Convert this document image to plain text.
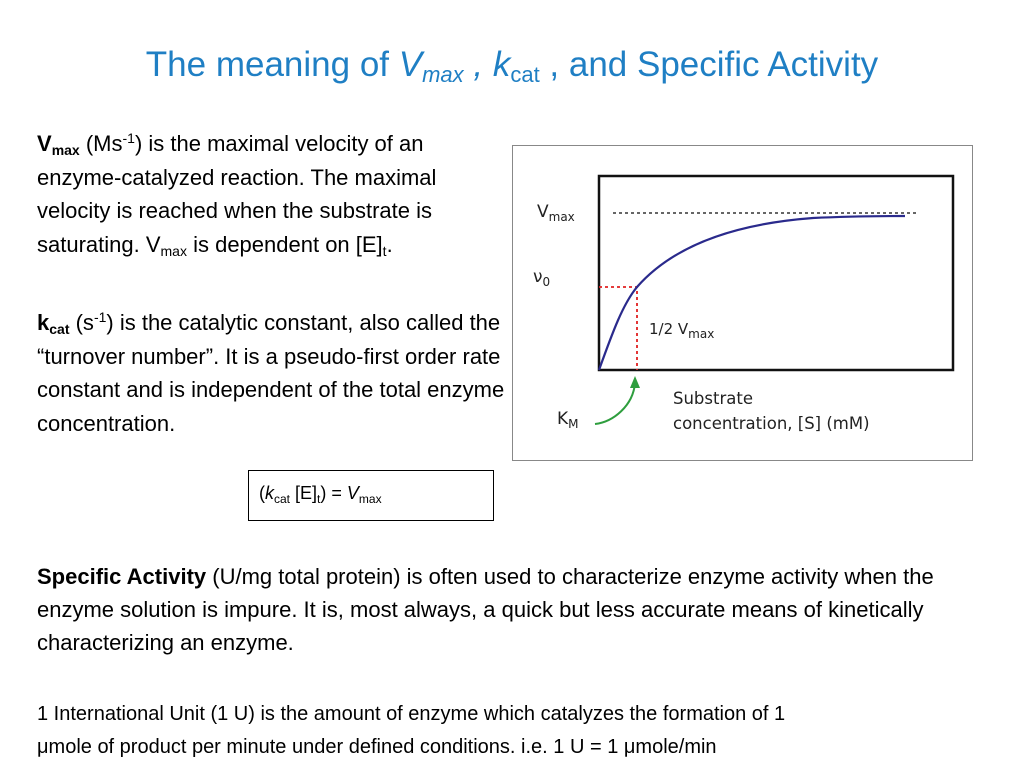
The meaning of $V_{max}$ , $k_{cat}$ , and Specific Activity
$V_{max}$ $(Ms^{-1})$ is the maximal velocity of an enzyme-catalyzed reaction. The maximal velocity is reached when the substrate is saturating. $V_{max}$ is dependent on $[E]_t$.
$k_{cat}$ $(s^{-1})$ is the catalytic constant, also called the “turnover number”. It is a pseudo-first order rate constant and is independent of the total enzyme concentration.
($k_{cat}$ $[E]_t) = V_{max}$
$V_{max}$
$\nu_0$
1/2 $V_{max}$
$K_M$
Substrate
concentration, [S] (mM)
Specific Activity (U/mg total protein) is often used to characterize enzyme activity when the enzyme solution is impure. It is, most always, a quick but less accurate means of kinetically characterizing an enzyme.
1 International Unit (1 U) is the amount of enzyme which catalyzes the formation of 1
μmole of product per minute under defined conditions. i.e. 1 U = 1 μmole/min
